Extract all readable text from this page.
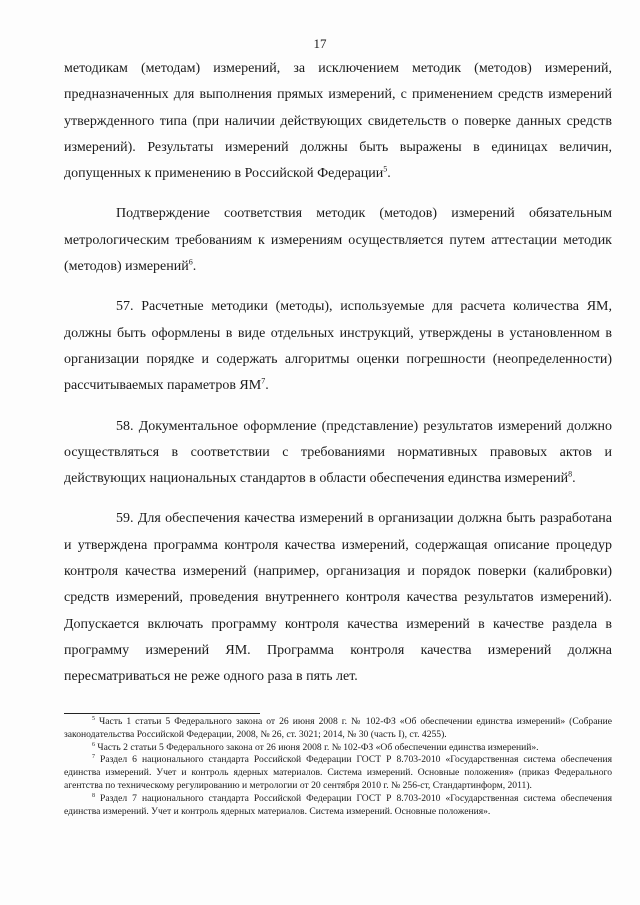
17

методикам (методам) измерений, за исключением методик (методов) измерений, предназначенных для выполнения прямых измерений, с применением средств измерений утвержденного типа (при наличии действующих свидетельств о поверке данных средств измерений). Результаты измерений должны быть выражены в единицах величин, допущенных к применению в Российской Федерации$^5$.

Подтверждение соответствия методик (методов) измерений обязательным метрологическим требованиям к измерениям осуществляется путем аттестации методик (методов) измерений$^6$.

57. Расчетные методики (методы), используемые для расчета количества ЯМ, должны быть оформлены в виде отдельных инструкций, утверждены в установленном в организации порядке и содержать алгоритмы оценки погрешности (неопределенности) рассчитываемых параметров $ЯМ^7$.

58. Документальное оформление (представление) результатов измерений должно осуществляться в соответствии с требованиями нормативных правовых актов и действующих национальных стандартов в области обеспечения единства измерений$^8$.

59. Для обеспечения качества измерений в организации должна быть разработана и утверждена программа контроля качества измерений, содержащая описание процедур контроля качества измерений (например, организация и порядок поверки (калибровки) средств измерений, проведения внутреннего контроля качества результатов измерений). Допускается включать программу контроля качества измерений в качестве раздела в программу измерений ЯМ. Программа контроля качества измерений должна пересматриваться не реже одного раза в пять лет.

$^5$ Часть 1 статьи 5 Федерального закона от 26 июня 2008 г. № 102-ФЗ «Об обеспечении единства измерений» (Собрание законодательства Российской Федерации, 2008, № 26, ст. 3021; 2014, № 30 (часть I), ст. 4255).

$^6$ Часть 2 статьи 5 Федерального закона от 26 июня 2008 г. № 102-ФЗ «Об обеспечении единства измерений».

$^7$ Раздел 6 национального стандарта Российской Федерации ГОСТ Р 8.703-2010 «Государственная система обеспечения единства измерений. Учет и контроль ядерных материалов. Система измерений. Основные положения» (приказ Федерального агентства по техническому регулированию и метрологии от 20 сентября 2010 г. № 256-ст, Стандартинформ, 2011).

$^8$ Раздел 7 национального стандарта Российской Федерации ГОСТ Р 8.703-2010 «Государственная система обеспечения единства измерений. Учет и контроль ядерных материалов. Система измерений. Основные положения».
